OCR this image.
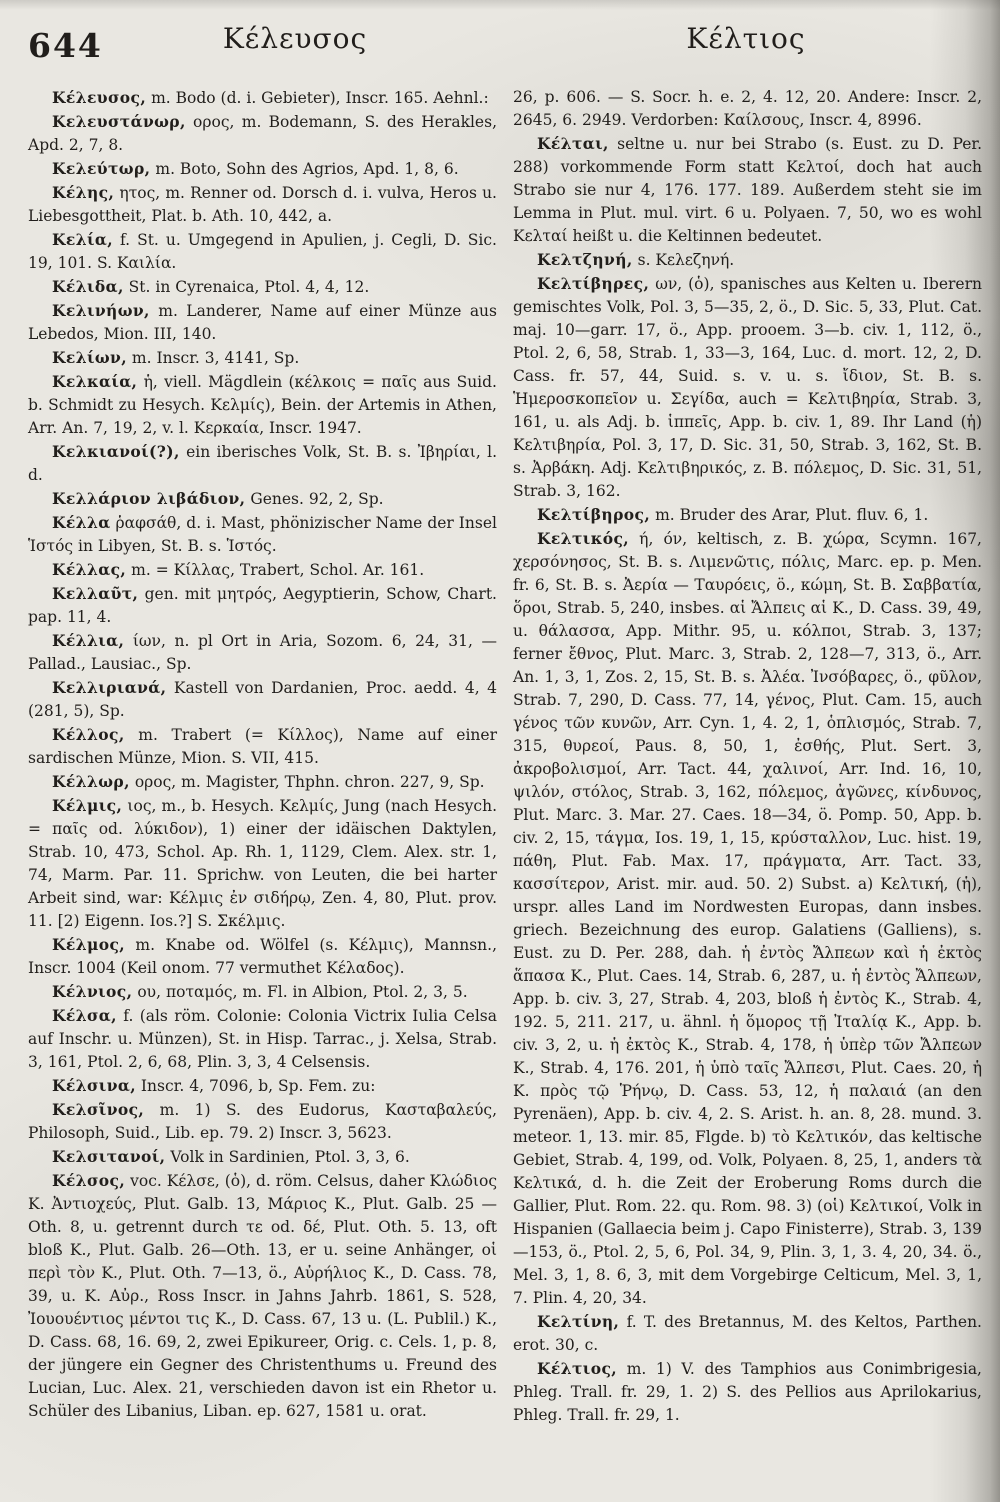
644	Κέλευσος	Κέλτιος

Κέλευσος, m. Bodo (d. i. Gebieter), Inscr. 165. Aehnl.:

Κελευστάνωρ, ορος, m. Bodemann, S. des Herakles, Apd. 2, 7, 8.

Κελεύτωρ, m. Boto, Sohn des Agrios, Apd. 1, 8, 6.

Κέλης, ητος, m. Renner od. Dorsch d. i. vulva, Heros u. Liebesgottheit, Plat. b. Ath. 10, 442, a.

Κελία, f. St. u. Umgegend in Apulien, j. Cegli, D. Sic. 19, 101. S. Καιλία.

Κέλιδα, St. in Cyrenaica, Ptol. 4, 4, 12.

Κελινήων, m. Landerer, Name auf einer Münze aus Lebedos, Mion. III, 140.

Κελίων, m. Inscr. 3, 4141, Sp.

Κελκαία, ἡ, viell. Mägdlein (κέλκοις = παῖς aus Suid. b. Schmidt zu Hesych. Κελμίς), Bein. der Artemis in Athen, Arr. An. 7, 19, 2, v. l. Κερκαία, Inscr. 1947.

Κελκιανοί(?), ein iberisches Volk, St. B. s. Ἰβηρίαι, l. d.

Κελλάριον λιβάδιον, Genes. 92, 2, Sp.

Κέλλα ῥαφσάθ, d. i. Mast, phönizischer Name der Insel Ἱστός in Libyen, St. B. s. Ἱστός.

Κέλλας, m. = Κίλλας, Trabert, Schol. Ar. 161.

Κελλαῦτ, gen. mit μητρός, Aegyptierin, Schow, Chart. pap. 11, 4.

Κέλλια, ίων, n. pl Ort in Aria, Sozom. 6, 24, 31, — Pallad., Lausiac., Sp.

Κελλιριανά, Kastell von Dardanien, Proc. aedd. 4, 4 (281, 5), Sp.

Κέλλος, m. Trabert (= Κίλλος), Name auf einer sardischen Münze, Mion. S. VII, 415.

Κέλλωρ, ορος, m. Magister, Thphn. chron. 227, 9, Sp.

Κέλμις, ιος, m., b. Hesych. Κελμίς, Jung (nach Hesych. = παῖς od. λύκιδον), 1) einer der idäischen Daktylen, Strab. 10, 473, Schol. Ap. Rh. 1, 1129, Clem. Alex. str. 1, 74, Marm. Par. 11. Sprichw. von Leuten, die bei harter Arbeit sind, war: Κέλμις ἐν σιδήρῳ, Zen. 4, 80, Plut. prov. 11. [2) Eigenn. Ios.?] S. Σκέλμις.

Κέλμος, m. Knabe od. Wölfel (s. Κέλμις), Mannsn., Inscr. 1004 (Keil onom. 77 vermuthet Κέλαδος).

Κέλνιος, ου, ποταμός, m. Fl. in Albion, Ptol. 2, 3, 5.

Κέλσα, f. (als röm. Colonie: Colonia Victrix Iulia Celsa auf Inschr. u. Münzen), St. in Hisp. Tarrac., j. Xelsa, Strab. 3, 161, Ptol. 2, 6, 68, Plin. 3, 3, 4 Celsensis.

Κέλσινα, Inscr. 4, 7096, b, Sp. Fem. zu:

Κελσῖνος, m. 1) S. des Eudorus, Κασταβαλεύς, Philosoph, Suid., Lib. ep. 79. 2) Inscr. 3, 5623.

Κελσιτανοί, Volk in Sardinien, Ptol. 3, 3, 6.

Κέλσος, voc. Κέλσε, (ὁ), d. röm. Celsus, daher Κλώδιος Κ. Ἀντιοχεύς, Plut. Galb. 13, Μάριος Κ., Plut. Galb. 25 — Oth. 8, u. getrennt durch τε od. δέ, Plut. Oth. 5. 13, oft bloß Κ., Plut. Galb. 26—Oth. 13, er u. seine Anhänger, οἱ περὶ τὸν Κ., Plut. Oth. 7—13, ö., Αὐρήλιος Κ., D. Cass. 78, 39, u. Κ. Αὐρ., Ross Inscr. in Jahns Jahrb. 1861, S. 528, Ἰουουέντιος μέντοι τις Κ., D. Cass. 67, 13 u. (L. Publil.) Κ., D. Cass. 68, 16. 69, 2, zwei Epikureer, Orig. c. Cels. 1, p. 8, der jüngere ein Gegner des Christenthums u. Freund des Lucian, Luc. Alex. 21, verschieden davon ist ein Rhetor u. Schüler des Libanius, Liban. ep. 627, 1581 u. orat.

26, p. 606. — S. Socr. h. e. 2, 4. 12, 20. Andere: Inscr. 2, 2645, 6. 2949. Verdorben: Καίλσους, Inscr. 4, 8996.

Κέλται, seltne u. nur bei Strabo (s. Eust. zu D. Per. 288) vorkommende Form statt Κελτοί, doch hat auch Strabo sie nur 4, 176. 177. 189. Außerdem steht sie im Lemma in Plut. mul. virt. 6 u. Polyaen. 7, 50, wo es wohl Κελταί heißt u. die Keltinnen bedeutet.

Κελτζηνή, s. Κελεζηνή.

Κελτίβηρες, ων, (ὁ), spanisches aus Kelten u. Iberern gemischtes Volk, Pol. 3, 5—35, 2, ö., D. Sic. 5, 33, Plut. Cat. maj. 10—garr. 17, ö., App. prooem. 3—b. civ. 1, 112, ö., Ptol. 2, 6, 58, Strab. 1, 33—3, 164, Luc. d. mort. 12, 2, D. Cass. fr. 57, 44, Suid. s. v. u. s. ἴδιον, St. B. s. Ἡμεροσκοπεῖον u. Σεγίδα, auch = Κελτιβηρία, Strab. 3, 161, u. als Adj. b. ἱππεῖς, App. b. civ. 1, 89. Ihr Land (ἡ) Κελτιβηρία, Pol. 3, 17, D. Sic. 31, 50, Strab. 3, 162, St. B. s. Ἀρβάκη. Adj. Κελτιβηρικός, z. B. πόλεμος, D. Sic. 31, 51, Strab. 3, 162.

Κελτίβηρος, m. Bruder des Arar, Plut. fluv. 6, 1.

Κελτικός, ή, όν, keltisch, z. B. χώρα, Scymn. 167, χερσόνησος, St. B. s. Λιμενῶτις, πόλις, Marc. ep. p. Men. fr. 6, St. B. s. Ἀερία — Ταυρόεις, ö., κώμη, St. B. Σαββατία, ὅροι, Strab. 5, 240, insbes. αἱ Ἄλπεις αἱ Κ., D. Cass. 39, 49, u. θάλασσα, App. Mithr. 95, u. κόλποι, Strab. 3, 137; ferner ἔθνος, Plut. Marc. 3, Strab. 2, 128—7, 313, ö., Arr. An. 1, 3, 1, Zos. 2, 15, St. B. s. Ἀλέα. Ἰνσόβαρες, ö., φῦλον, Strab. 7, 290, D. Cass. 77, 14, γένος, Plut. Cam. 15, auch γένος τῶν κυνῶν, Arr. Cyn. 1, 4. 2, 1, ὁπλισμός, Strab. 7, 315, θυρεοί, Paus. 8, 50, 1, ἐσθής, Plut. Sert. 3, ἀκροβολισμοί, Arr. Tact. 44, χαλινοί, Arr. Ind. 16, 10, ψιλόν, στόλος, Strab. 3, 162, πόλεμος, ἀγῶνες, κίνδυνος, Plut. Marc. 3. Mar. 27. Caes. 18—34, ö. Pomp. 50, App. b. civ. 2, 15, τάγμα, Ios. 19, 1, 15, κρύσταλλον, Luc. hist. 19, πάθη, Plut. Fab. Max. 17, πράγματα, Arr. Tact. 33, κασσίτερον, Arist. mir. aud. 50. 2) Subst. a) Κελτική, (ἡ), urspr. alles Land im Nordwesten Europas, dann insbes. griech. Bezeichnung des europ. Galatiens (Galliens), s. Eust. zu D. Per. 288, dah. ἡ ἐντὸς Ἄλπεων καὶ ἡ ἐκτὸς ἅπασα Κ., Plut. Caes. 14, Strab. 6, 287, u. ἡ ἐντὸς Ἄλπεων, App. b. civ. 3, 27, Strab. 4, 203, bloß ἡ ἐντὸς Κ., Strab. 4, 192. 5, 211. 217, u. ähnl. ἡ ὅμορος τῇ Ἰταλίᾳ Κ., App. b. civ. 3, 2, u. ἡ ἐκτὸς Κ., Strab. 4, 178, ἡ ὑπὲρ τῶν Ἄλπεων Κ., Strab. 4, 176. 201, ἡ ὑπὸ ταῖς Ἄλπεσι, Plut. Caes. 20, ἡ Κ. πρὸς τῷ Ῥήνῳ, D. Cass. 53, 12, ἡ παλαιά (an den Pyrenäen), App. b. civ. 4, 2. S. Arist. h. an. 8, 28. mund. 3. meteor. 1, 13. mir. 85, Flgde. b) τὸ Κελτικόν, das keltische Gebiet, Strab. 4, 199, od. Volk, Polyaen. 8, 25, 1, anders τὰ Κελτικά, d. h. die Zeit der Eroberung Roms durch die Gallier, Plut. Rom. 22. qu. Rom. 98. 3) (οἱ) Κελτικοί, Volk in Hispanien (Gallaecia beim j. Capo Finisterre), Strab. 3, 139—153, ö., Ptol. 2, 5, 6, Pol. 34, 9, Plin. 3, 1, 3. 4, 20, 34. ö., Mel. 3, 1, 8. 6, 3, mit dem Vorgebirge Celticum, Mel. 3, 1, 7. Plin. 4, 20, 34.

Κελτίνη, f. T. des Bretannus, M. des Keltos, Parthen. erot. 30, c.

Κέλτιος, m. 1) V. des Tamphios aus Conimbrigesia, Phleg. Trall. fr. 29, 1. 2) S. des Pellios aus Aprilokarius, Phleg. Trall. fr. 29, 1.
